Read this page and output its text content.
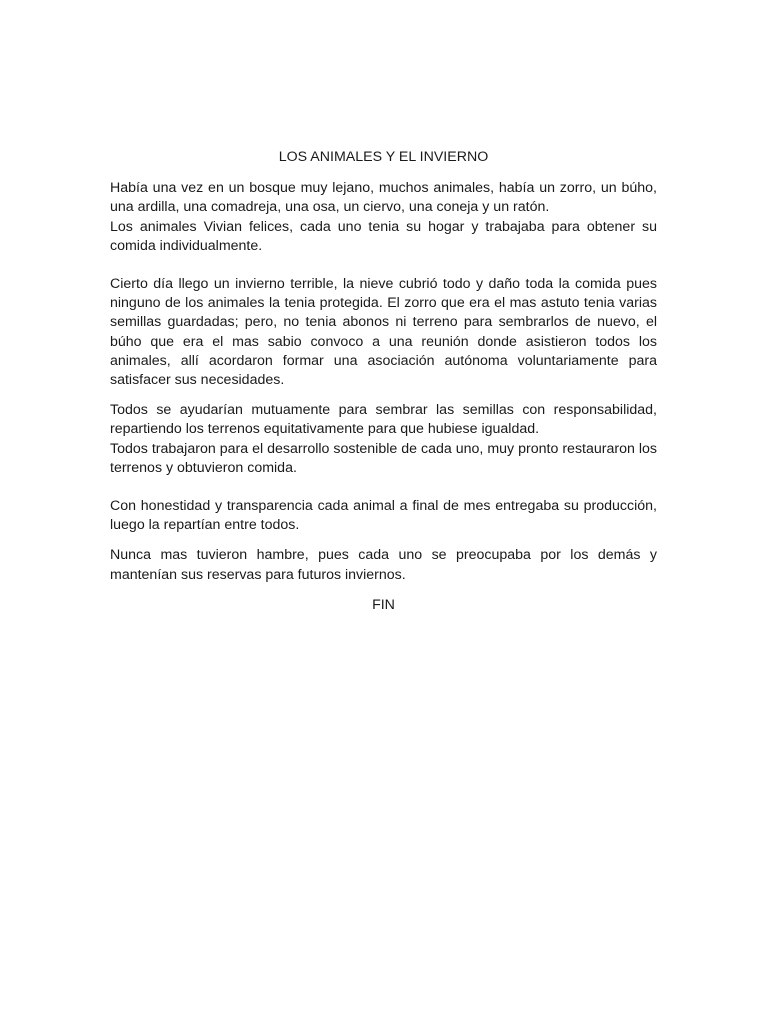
LOS ANIMALES Y EL INVIERNO

Había una vez en un bosque muy lejano, muchos animales, había un zorro, un búho, una ardilla, una comadreja, una osa, un ciervo, una coneja y un ratón.

Los animales Vivian felices, cada uno tenia su hogar y trabajaba para obtener su comida individualmente.

Cierto día llego un invierno terrible, la nieve cubrió todo y daño toda la comida pues ninguno de los animales la tenia protegida. El zorro que era el mas astuto tenia varias semillas guardadas; pero, no tenia abonos ni terreno para sembrarlos de nuevo, el búho que era el mas sabio convoco a una reunión donde asistieron todos los animales, allí acordaron formar una asociación autónoma voluntariamente para satisfacer sus necesidades.

Todos se ayudarían mutuamente para sembrar las semillas con responsabilidad, repartiendo los terrenos equitativamente para que hubiese igualdad.

Todos trabajaron para el desarrollo sostenible de cada uno, muy pronto restauraron los terrenos y obtuvieron comida.

Con honestidad y transparencia cada animal a final de mes entregaba su producción, luego la repartían entre todos.

Nunca mas tuvieron hambre, pues cada uno se preocupaba por los demás y mantenían sus reservas para futuros inviernos.

FIN
